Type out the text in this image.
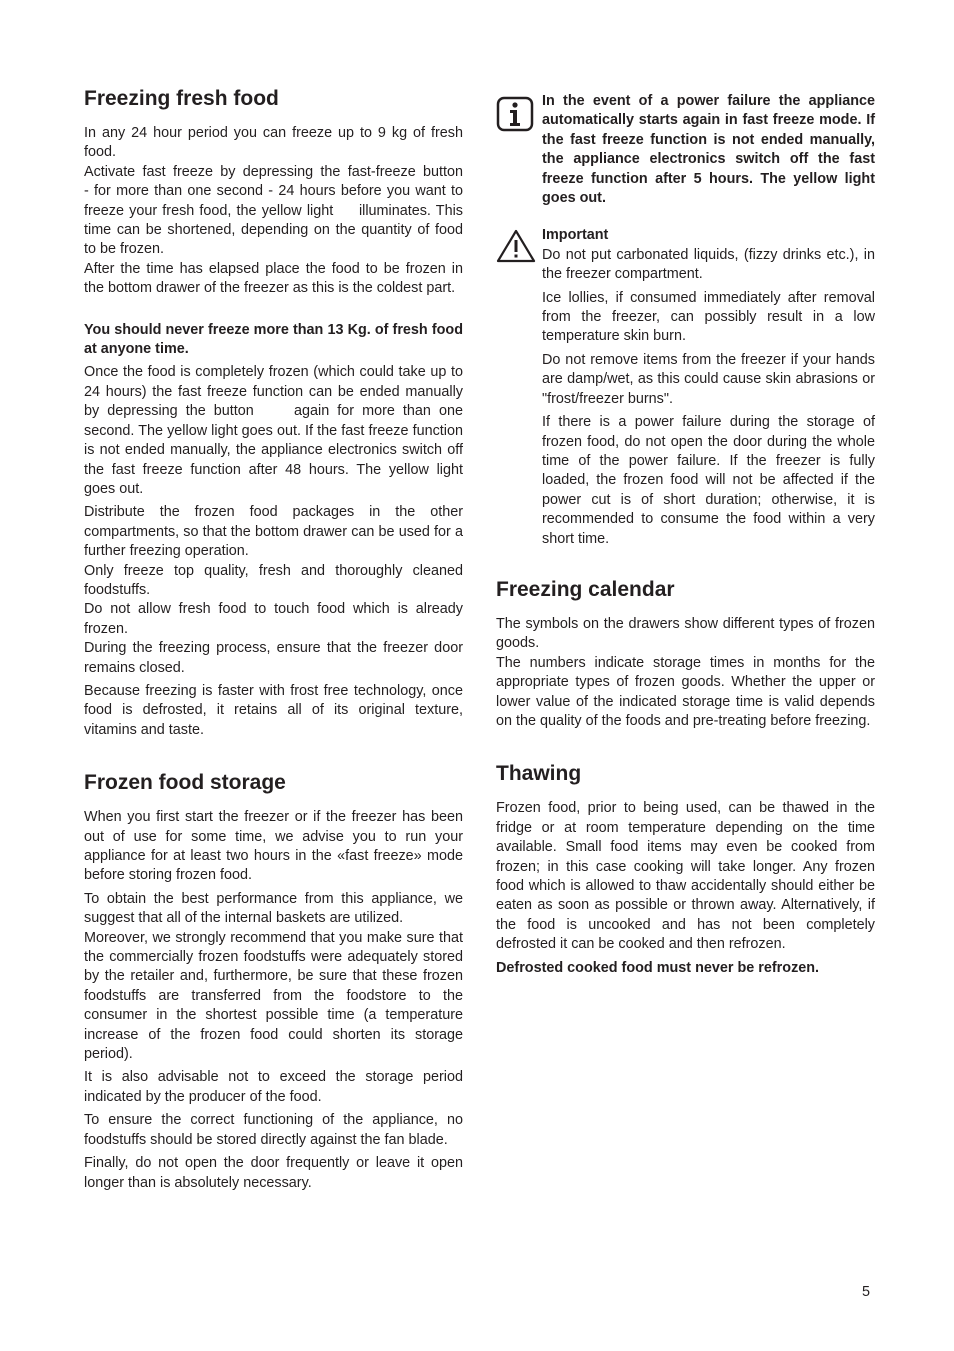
Freezing fresh food

In any 24 hour period you can freeze up to 9 kg of fresh food.

Activate fast freeze by depressing the fast-freeze button     - for more than one second - 24 hours before you want to freeze your fresh food, the yellow light     illuminates. This time can be shortened, depending on the quantity of food to be frozen.

After the time has elapsed place the food to be frozen in the bottom drawer of the freezer as this is the coldest part.

You should never freeze more than 13 Kg. of fresh food at anyone time.

Once the food is completely frozen (which could take up to 24 hours) the fast freeze function can be ended manually by depressing the button     again for more than one second. The yellow light goes out. If the fast freeze function is not ended manually, the appliance electronics switch off the fast freeze function after 48 hours. The yellow light     goes out.

Distribute the frozen food packages in the other compartments, so that the bottom drawer can be used for a further freezing operation.

Only freeze top quality, fresh and thoroughly cleaned foodstuffs.

Do not allow fresh food to touch food which is already frozen.

During the freezing process, ensure that the freezer door remains closed.

Because freezing is faster with frost free technology, once food is defrosted, it retains all of its original texture, vitamins and taste.

Frozen food storage

When you first start the freezer or if the freezer has been out of use for some time, we advise you to run your appliance for at least two hours in the «fast freeze» mode before storing frozen food.

To obtain the best performance from this appliance, we suggest that all of the internal baskets are utilized.

Moreover, we strongly recommend that you make sure that the commercially frozen foodstuffs were adequately stored by the retailer and, furthermore, be sure that these frozen foodstuffs are transferred from the foodstore to the consumer in the shortest possible time (a temperature increase of the frozen food could shorten its storage period).

It is also advisable not to exceed the storage period indicated by the producer of the food.

To ensure the correct functioning of the appliance, no foodstuffs should be stored directly against the fan blade.

Finally, do not open the door frequently or leave it open longer than is absolutely necessary.

In the event of a power failure the appliance automatically starts again in fast freeze mode. If the fast freeze function is not ended manually, the appliance electronics switch off the fast freeze function after 5 hours. The yellow light goes out.

Important

Do not put carbonated liquids, (fizzy drinks etc.), in the freezer compartment.

Ice lollies, if consumed immediately after removal from the freezer, can possibly result in a low temperature skin burn.

Do not remove items from the freezer if your hands are damp/wet, as this could cause skin abrasions or "frost/freezer burns".

If there is a power failure during the storage of frozen food, do not open the door during the whole time of the power failure. If the freezer is fully loaded, the frozen food will not be affected if the power cut is of short duration; otherwise, it is recommended to consume the food within a very short time.

Freezing calendar

The symbols on the drawers show different types of frozen goods.

The numbers indicate storage times in months for the appropriate types of frozen goods. Whether the upper or lower value of the indicated storage time is valid depends on the quality of the foods and pre-treating before freezing.

Thawing

Frozen food, prior to being used, can be thawed in the fridge or at room temperature depending on the time available. Small food items may even be cooked from frozen; in this case cooking will take longer. Any frozen food which is allowed to thaw accidentally should either be eaten as soon as possible or thrown away. Alternatively, if the food is uncooked and has not been completely defrosted it can be cooked and then refrozen.

Defrosted cooked food must never be refrozen.

5
